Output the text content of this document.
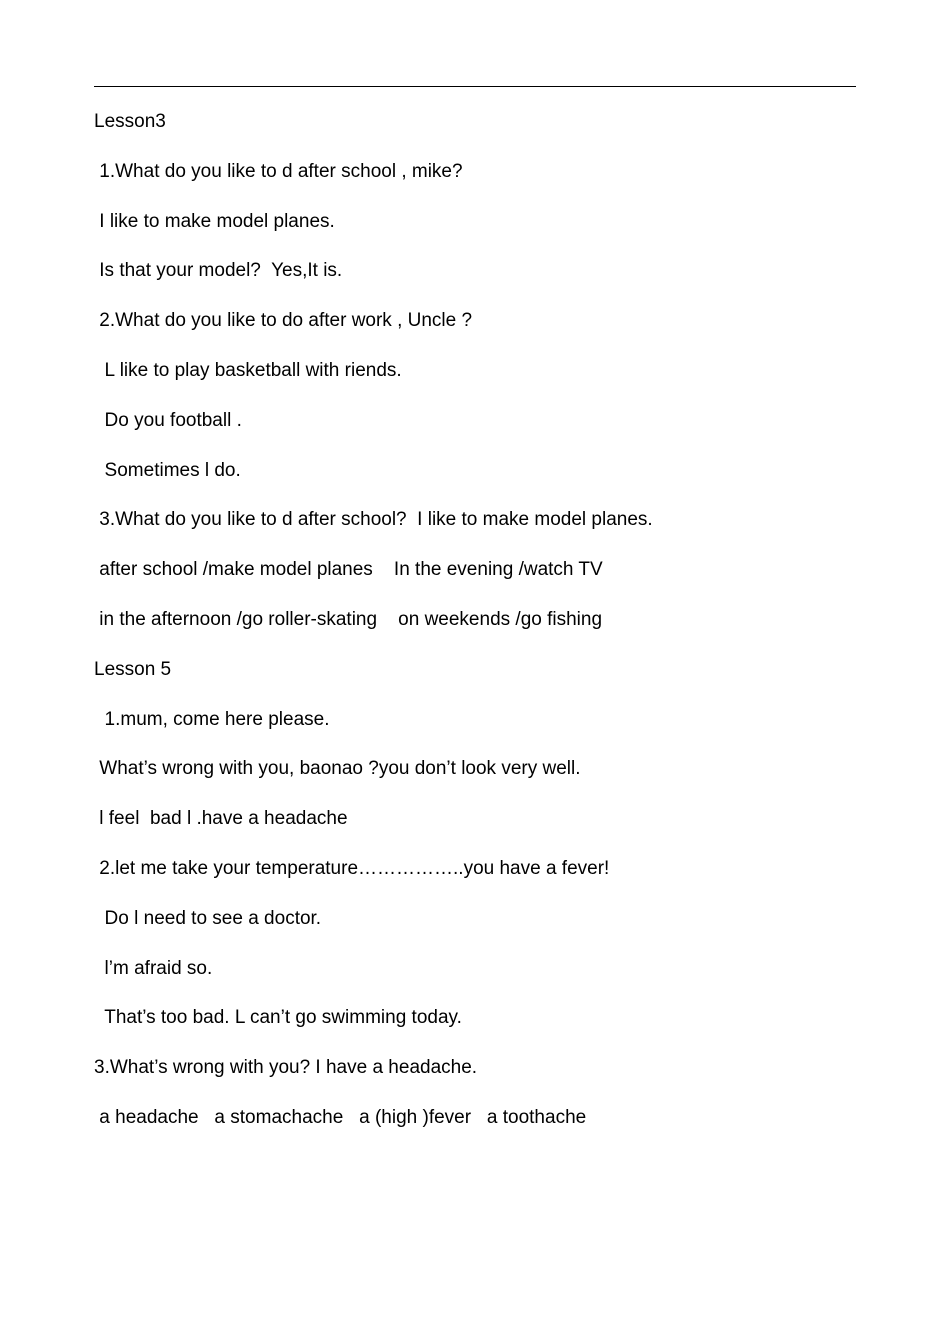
Lesson3
1.What do you like to d after school , mike?
I like to make model planes.
Is that your model?  Yes,It is.
2.What do you like to do after work , Uncle ?
L like to play basketball with riends.
Do you football .
Sometimes l do.
3.What do you like to d after school?  I like to make model planes.
after school /make model planes    In the evening /watch TV
in the afternoon /go roller-skating    on weekends /go fishing
Lesson 5
1.mum, come here please.
What’s wrong with you, baonao ?you don’t look very well.
l feel  bad l .have a headache
2.let me take your temperature……………..you have a fever!
Do l need to see a doctor.
l’m afraid so.
That’s too bad. L can’t go swimming today.
3.What’s wrong with you? I have a headache.
a headache   a stomachache   a (high )fever   a toothache
